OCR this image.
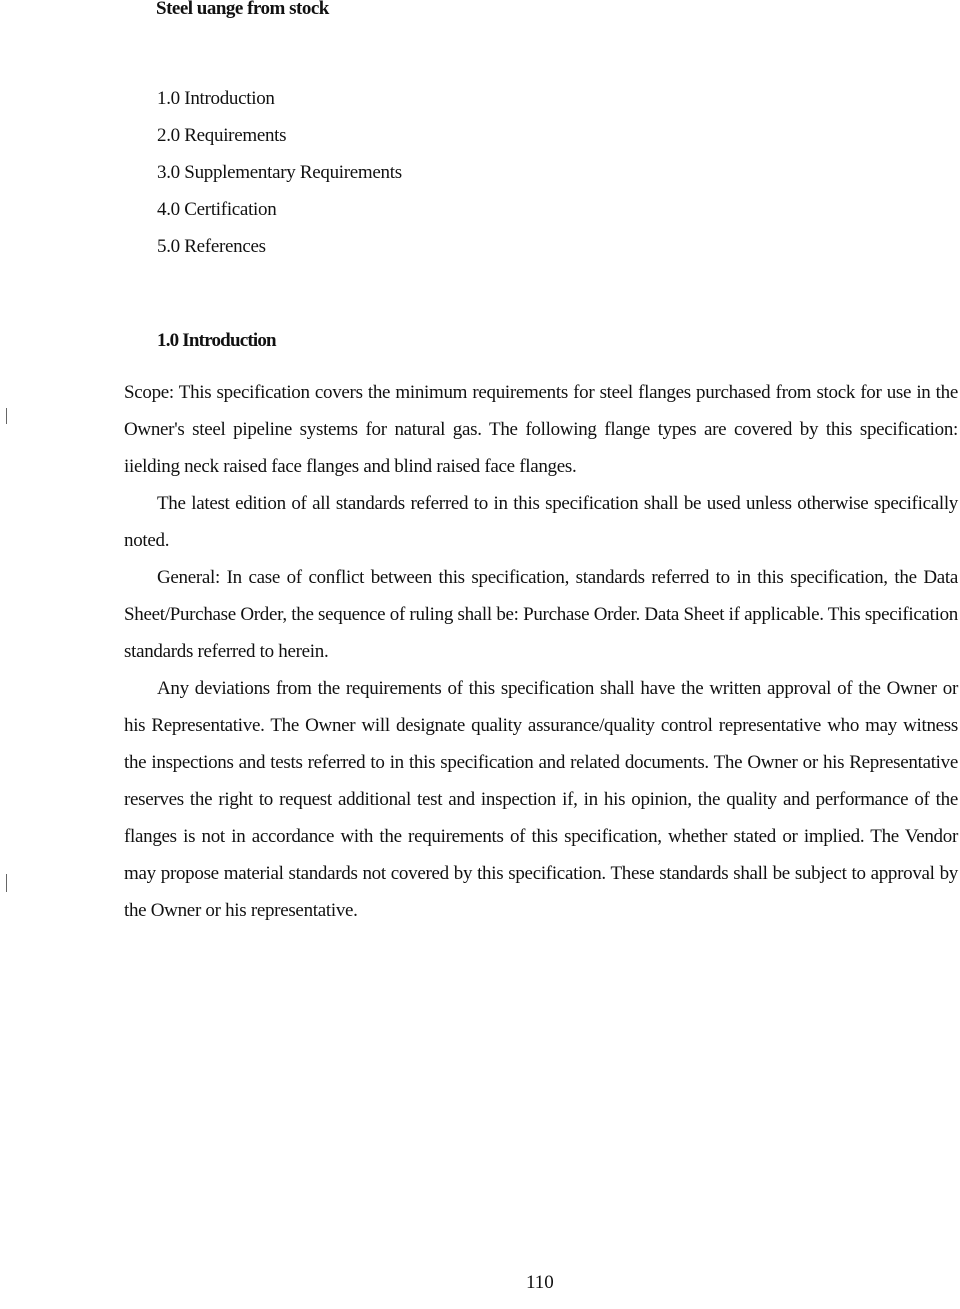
Steel uange from stock
1.0 Introduction
2.0 Requirements
3.0 Supplementary Requirements
4.0 Certification
5.0 References
1.0 Introduction

Scope: This specification covers the minimum requirements for steel flanges purchased from stock for use in the Owner's steel pipeline systems for natural gas. The following flange types are covered by this specification: iielding neck raised face flanges and blind raised face flanges.

The latest edition of all standards referred to in this specification shall be used unless otherwise specifically noted.

General: In case of conflict between this specification, standards referred to in this specification, the Data Sheet/Purchase Order, the sequence of ruling shall be: Purchase Order. Data Sheet if applicable. This specification standards referred to herein.

Any deviations from the requirements of this specification shall have the written approval of the Owner or his Representative. The Owner will designate quality assurance/quality control representative who may witness the inspections and tests referred to in this specification and related documents. The Owner or his Representative reserves the right to request additional test and inspection if, in his opinion, the quality and performance of the flanges is not in accordance with the requirements of this specification, whether stated or implied. The Vendor may propose material standards not covered by this specification. These standards shall be subject to approval by the Owner or his representative.

110
